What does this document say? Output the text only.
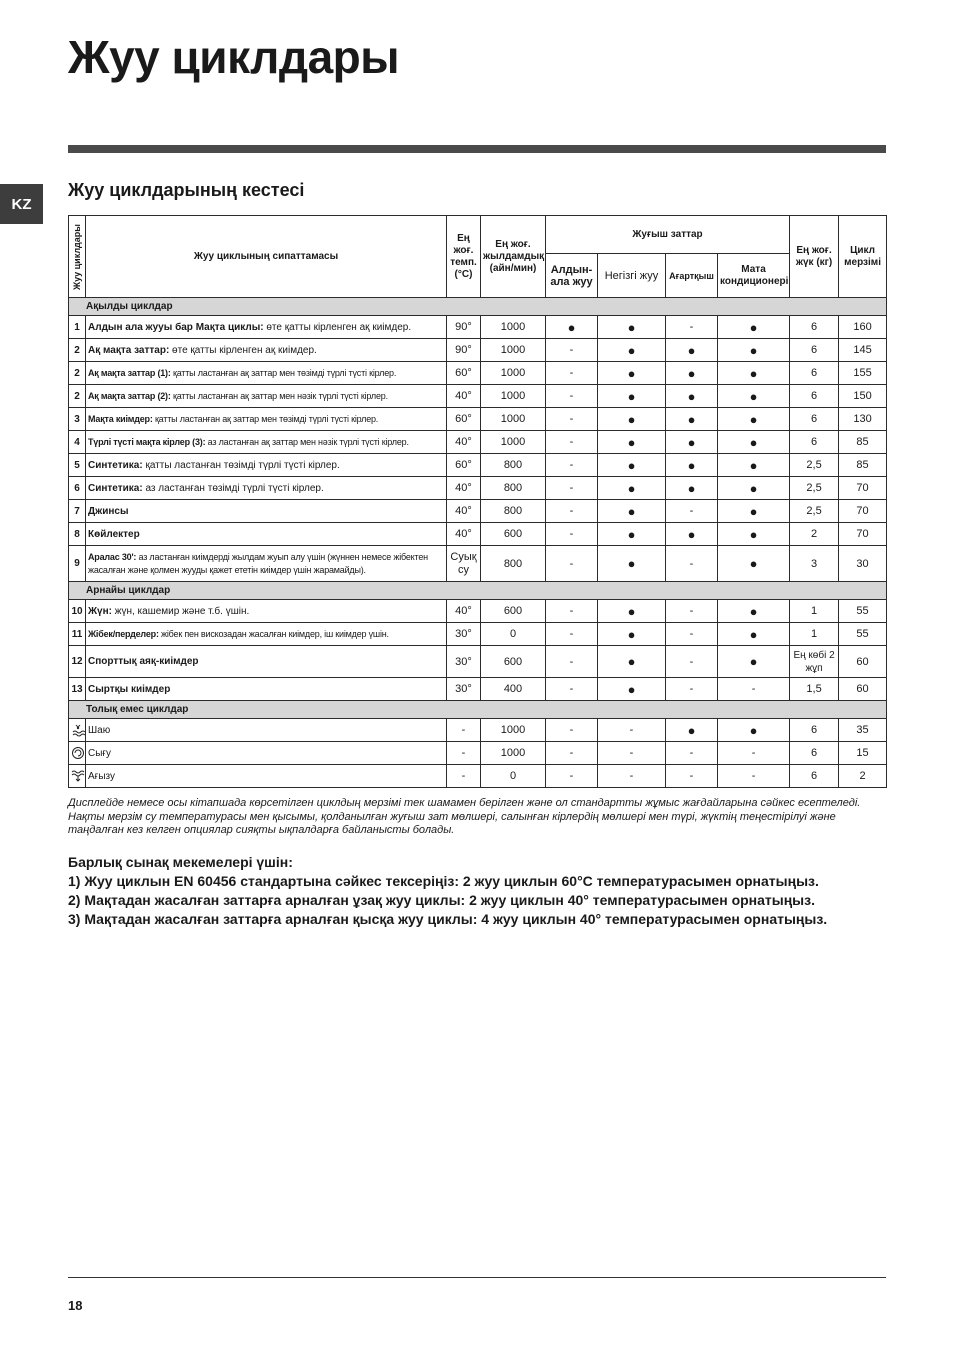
Жуу циклдары
KZ
Жуу циклдарының кестесі
Жуу циклдары	Жуу циклының сипаттамасы	Ең жоғ. темп. (°C)	Ең жоғ. жылдамдық (айн/мин)	Жуғыш заттар				Ең жоғ. жүк (кг)	Цикл мерзімі
				Алдын-ала жуу	Негізгі жуу	Ағартқыш	Мата кондиционері		
Ақылды циклдар									
1	Алдын ала жууы бар Мақта циклы: өте қатты кірленген ақ киімдер.	90°	1000	●	●	-	●	6	160
2	Ақ мақта заттар: өте қатты кірленген ақ киімдер.	90°	1000	-	●	●	●	6	145
2	Ақ мақта заттар (1): қатты ластанған ақ заттар мен төзімді түрлі түсті кірлер.	60°	1000	-	●	●	●	6	155
2	Ақ мақта заттар (2): қатты ластанған ақ заттар мен нәзік түрлі түсті кірлер.	40°	1000	-	●	●	●	6	150
3	Мақта киімдер: қатты ластанған ақ заттар мен төзімді түрлі түсті кірлер.	60°	1000	-	●	●	●	6	130
4	Түрлі түсті мақта кірлер (3): аз ластанған ақ заттар мен нәзік түрлі түсті кірлер.	40°	1000	-	●	●	●	6	85
5	Синтетика: қатты ластанған төзімді түрлі түсті кірлер.	60°	800	-	●	●	●	2,5	85
6	Синтетика: аз ластанған төзімді түрлі түсті кірлер.	40°	800	-	●	●	●	2,5	70
7	Джинсы	40°	800	-	●	-	●	2,5	70
8	Көйлектер	40°	600	-	●	●	●	2	70
9	Аралас 30': аз ластанған киімдерді жылдам жуып алу үшін (жүннен немесе жібектен жасалған және қолмен жууды қажет ететін киімдер үшін жарамайды).	Суық су	800	-	●	-	●	3	30
Арнайы циклдар									
10	Жүн: жүн, кашемир және т.б. үшін.	40°	600	-	●	-	●	1	55
11	Жібек/перделер: жібек пен вискозадан жасалған киімдер, іш киімдер үшін.	30°	0	-	●	-	●	1	55
12	Спорттық аяқ-киімдер	30°	600	-	●	-	●	Ең көбі 2 жұп	60
13	Сыртқы киімдер	30°	400	-	●	-	-	1,5	60
Толық емес циклдар									
	Шаю	-	1000	-	-	●	●	6	35
	Сығу	-	1000	-	-	-	-	6	15
	Ағызу	-	0	-	-	-	-	6	2

Дисплейде немесе осы кітапшада көрсетілген циклдың мерзімі тек шамамен берілген және ол стандартты жұмыс жағдайларына сәйкес есептеледі. Нақты мерзім су температурасы мен қысымы, қолданылған жуғыш зат мөлшері, салынған кірлердің мөлшері мен түрі, жүктің теңестірілуі және таңдалған кез келген опциялар сияқты ықпалдарға байланысты болады.

Барлық сынақ мекемелері үшін:

1) Жуу циклын EN 60456 стандартына сәйкес тексеріңіз: 2 жуу циклын 60°C температурасымен орнатыңыз.

2) Мақтадан жасалған заттарға арналған ұзақ жуу циклы: 2 жуу циклын 40° температурасымен орнатыңыз.

3) Мақтадан жасалған заттарға арналған қысқа жуу циклы: 4 жуу циклын 40° температурасымен орнатыңыз.

18
